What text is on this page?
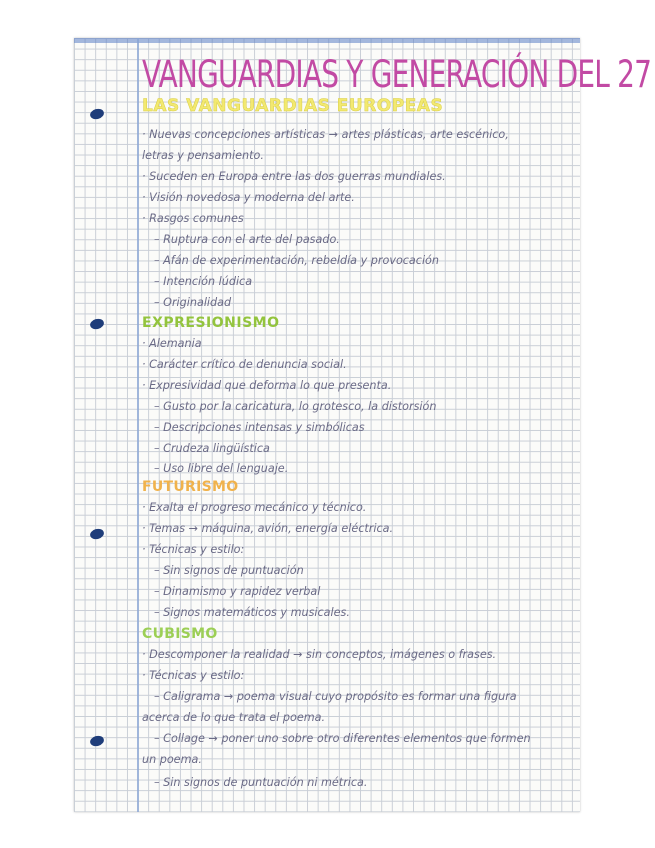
VANGUARDIAS Y GENERACIÓN DEL 27
LAS VANGUARDIAS EUROPEAS
· Nuevas concepciones artísticas → artes plásticas, arte escénico,
letras y pensamiento.
· Suceden en Europa entre las dos guerras mundiales.
· Visión novedosa y moderna del arte.
· Rasgos comunes
– Ruptura con el arte del pasado.
– Afán de experimentación, rebeldía y provocación
– Intención lúdica
– Originalidad
EXPRESIONISMO
· Alemania
· Carácter crítico de denuncia social.
· Expresividad que deforma lo que presenta.
– Gusto por la caricatura, lo grotesco, la distorsión
– Descripciones intensas y simbólicas
– Crudeza lingüística
– Uso libre del lenguaje.
FUTURISMO
· Exalta el progreso mecánico y técnico.
· Temas → máquina, avión, energía eléctrica.
· Técnicas y estilo:
– Sin signos de puntuación
– Dinamismo y rapidez verbal
– Signos matemáticos y musicales.
CUBISMO
· Descomponer la realidad → sin conceptos, imágenes o frases.
· Técnicas y estilo:
– Caligrama → poema visual cuyo propósito es formar una figura
acerca de lo que trata el poema.
– Collage → poner uno sobre otro diferentes elementos que formen
un poema.
– Sin signos de puntuación ni métrica.
